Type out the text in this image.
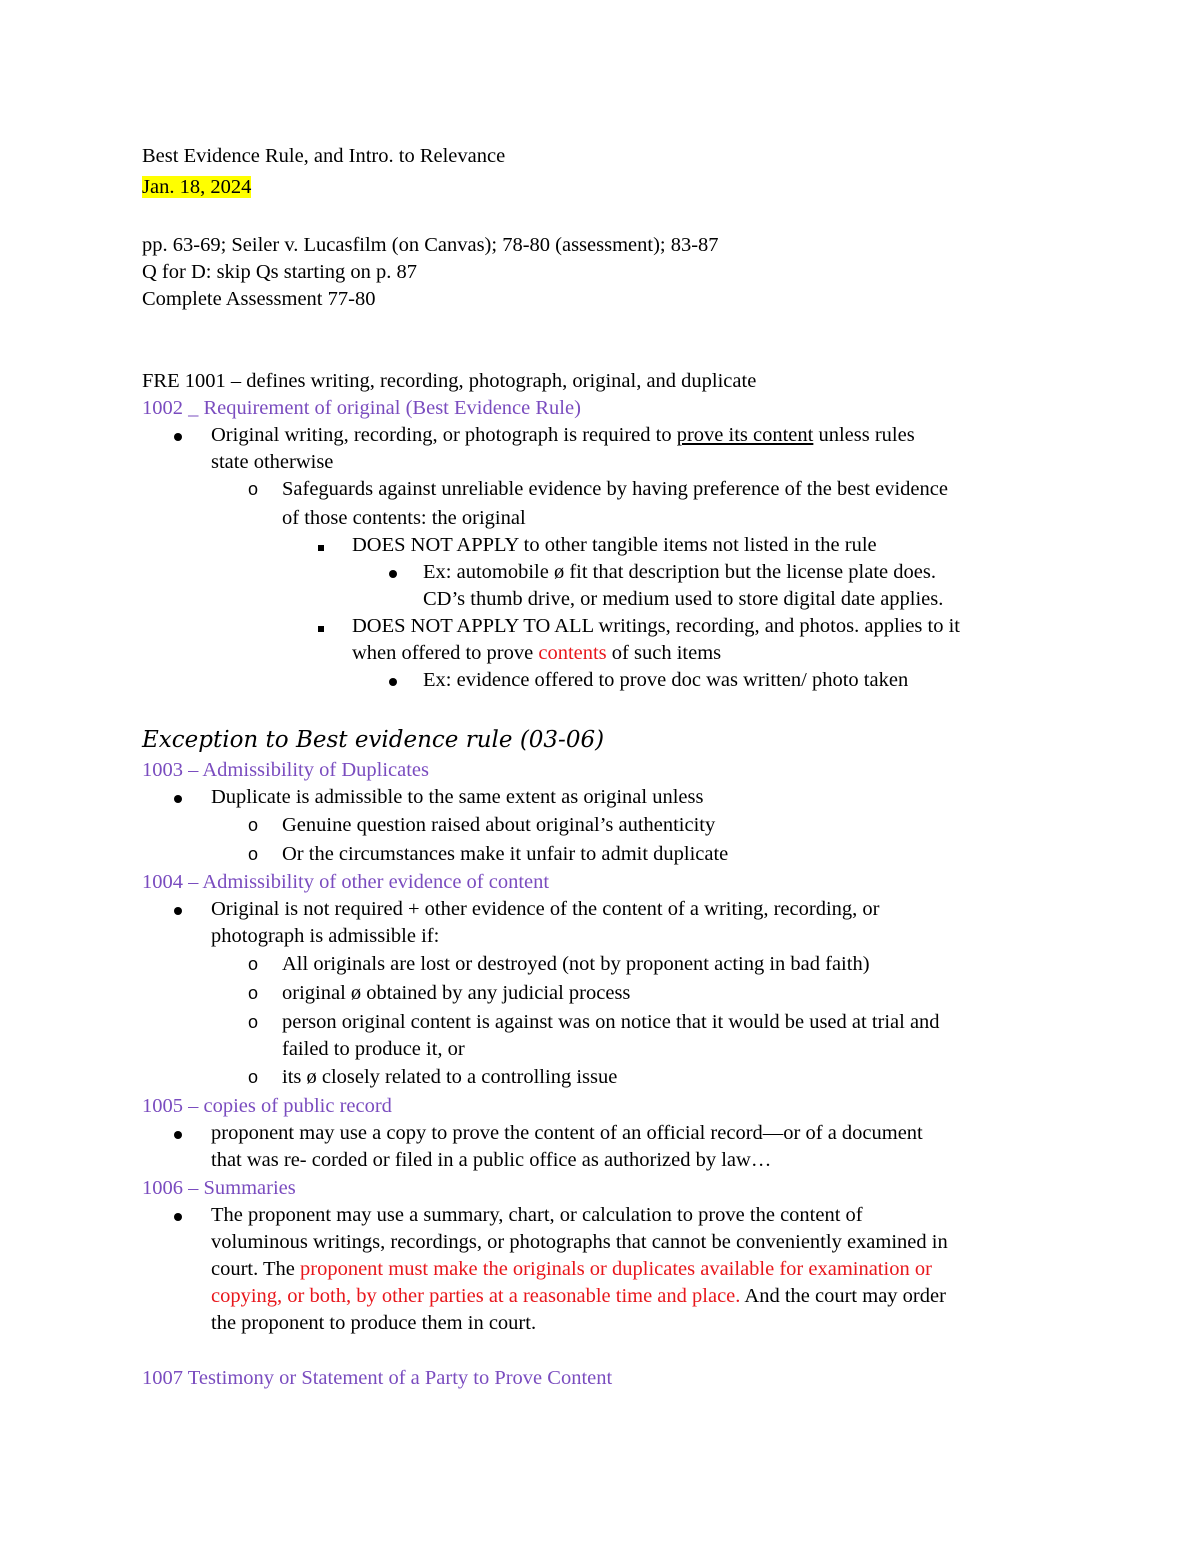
Best Evidence Rule, and Intro. to Relevance
Jan. 18, 2024
pp. 63-69; Seiler v. Lucasfilm (on Canvas); 78-80 (assessment); 83-87
Q for D: skip Qs starting on p. 87
Complete Assessment 77-80
FRE 1001 – defines writing, recording, photograph, original, and duplicate
1002 _ Requirement of original (Best Evidence Rule)
Original writing, recording, or photograph is required to prove its content unless rules
state otherwise
o Safeguards against unreliable evidence by having preference of the best evidence
of those contents: the original
DOES NOT APPLY to other tangible items not listed in the rule
Ex: automobile ø fit that description but the license plate does.
CD’s thumb drive, or medium used to store digital date applies.
DOES NOT APPLY TO ALL writings, recording, and photos. applies to it
when offered to prove contents of such items
Ex: evidence offered to prove doc was written/ photo taken
Exception to Best evidence rule (03-06)
1003 – Admissibility of Duplicates
Duplicate is admissible to the same extent as original unless
o Genuine question raised about original’s authenticity
o Or the circumstances make it unfair to admit duplicate
1004 – Admissibility of other evidence of content
Original is not required + other evidence of the content of a writing, recording, or
photograph is admissible if:
o All originals are lost or destroyed (not by proponent acting in bad faith)
o original ø obtained by any judicial process
o person original content is against was on notice that it would be used at trial and
failed to produce it, or
o its ø closely related to a controlling issue
1005 – copies of public record
proponent may use a copy to prove the content of an official record—or of a document
that was re- corded or filed in a public office as authorized by law…
1006 – Summaries
The proponent may use a summary, chart, or calculation to prove the content of
voluminous writings, recordings, or photographs that cannot be conveniently examined in
court. The proponent must make the originals or duplicates available for examination or
copying, or both, by other parties at a reasonable time and place. And the court may order
the proponent to produce them in court.
1007 Testimony or Statement of a Party to Prove Content
